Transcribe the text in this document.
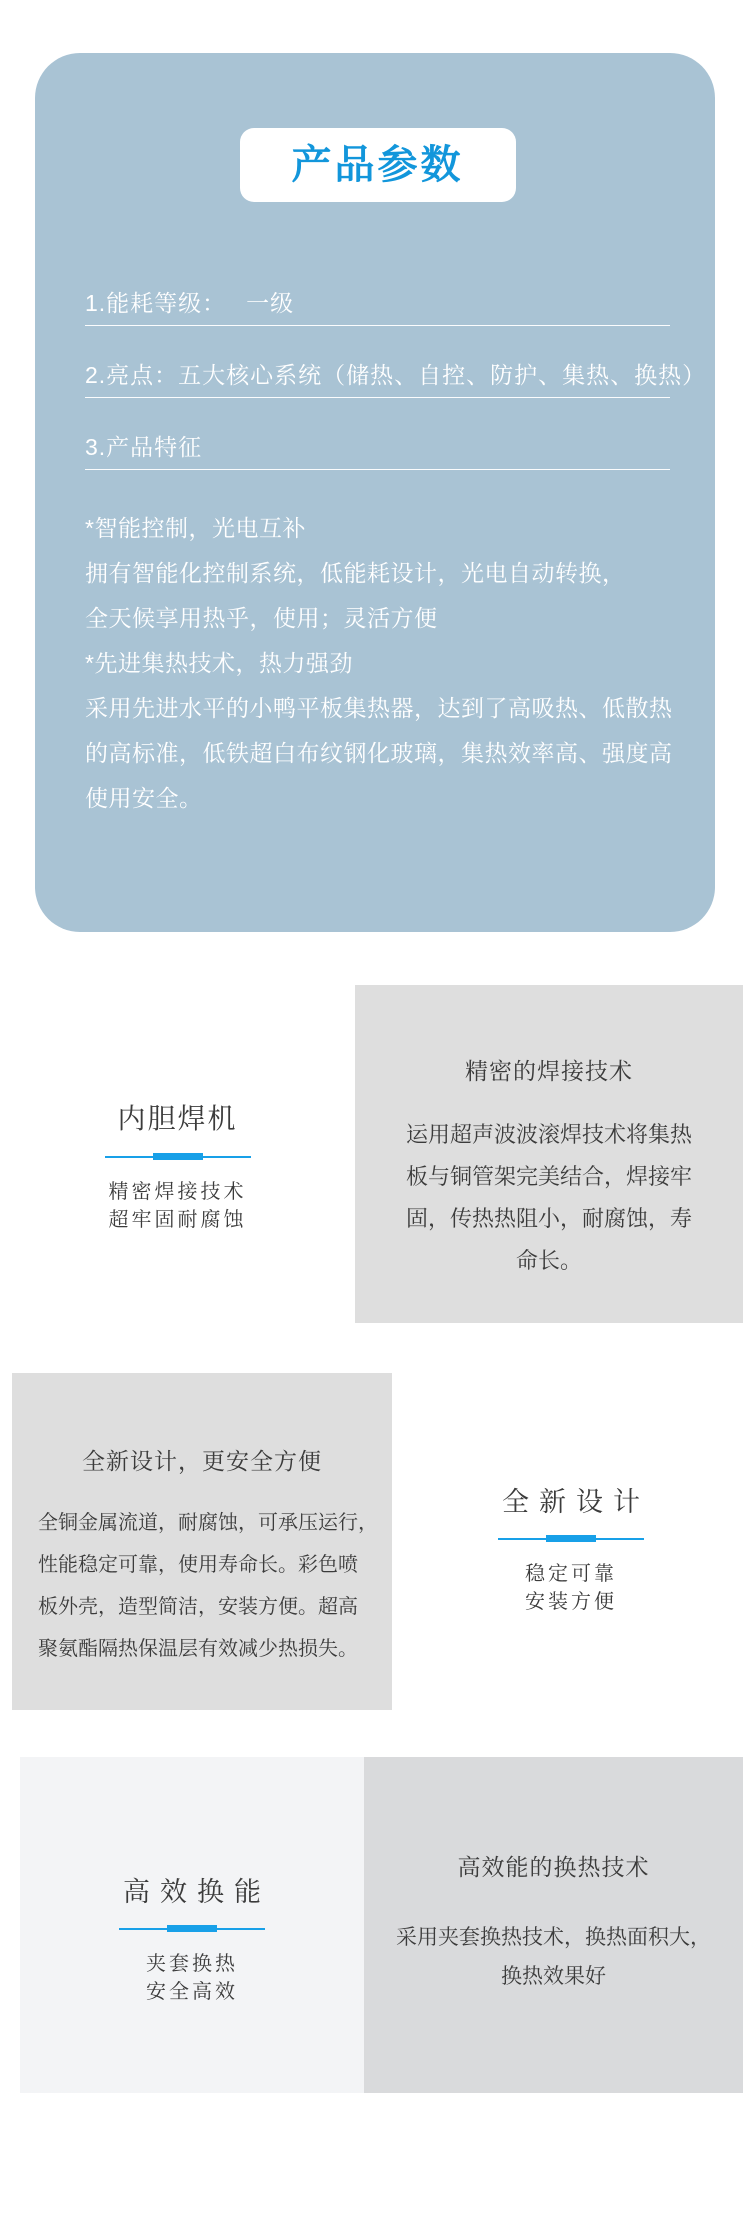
产品参数
1.能耗等级：　 一级
2.亮点：五大核心系统（储热、自控、防护、集热、换热）
3.产品特征
*智能控制，光电互补
拥有智能化控制系统，低能耗设计，光电自动转换，
全天候享用热乎，使用；灵活方便
*先进集热技术，热力强劲
采用先进水平的小鸭平板集热器，达到了高吸热、低散热
的高标准，低铁超白布纹钢化玻璃，集热效率高、强度高
使用安全。
内胆焊机
精密焊接技术
超牢固耐腐蚀
精密的焊接技术
运用超声波波滚焊技术将集热
板与铜管架完美结合，焊接牢
固，传热热阻小，耐腐蚀，寿
命长。
全新设计，更安全方便
全铜金属流道，耐腐蚀，可承压运行，
性能稳定可靠，使用寿命长。彩色喷
板外壳，造型简洁，安装方便。超高
聚氨酯隔热保温层有效减少热损失。
全新设计
稳定可靠
安装方便
高效换能
夹套换热
安全高效
高效能的换热技术
采用夹套换热技术，换热面积大，
换热效果好
